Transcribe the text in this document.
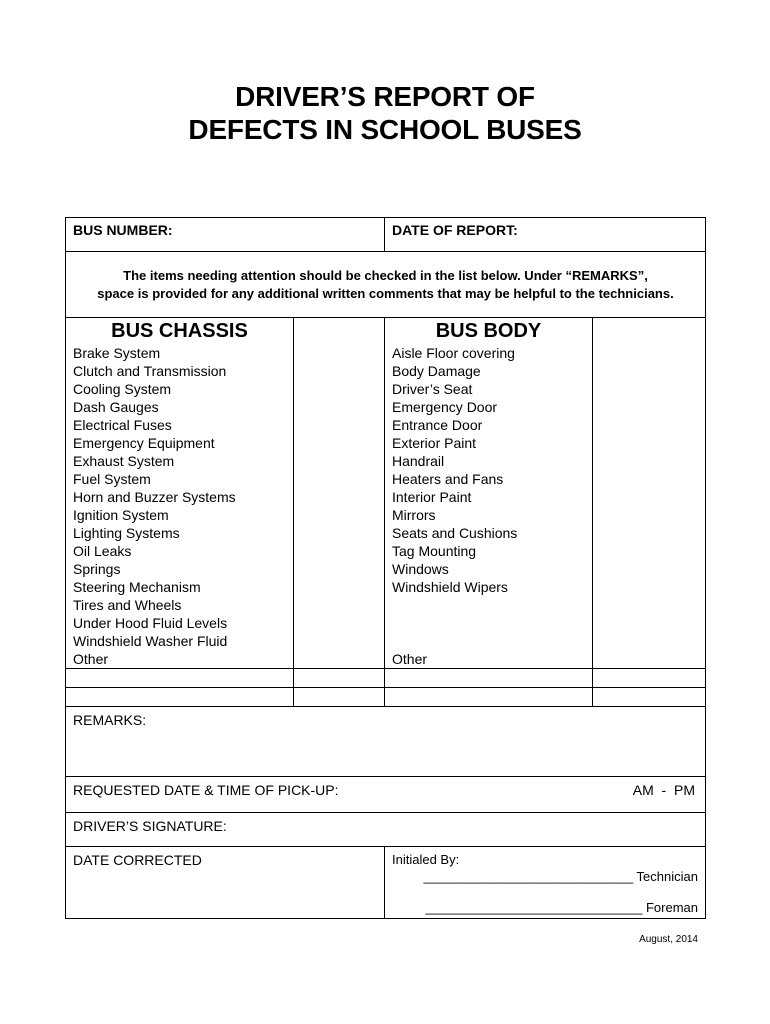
DRIVER’S REPORT OF
DEFECTS IN SCHOOL BUSES
BUS NUMBER:		DATE OF REPORT:	

The items needing attention should be checked in the list below. Under “REMARKS”,
space is provided for any additional written comments that may be helpful to the technicians.			

BUS CHASSIS		BUS BODY	
Brake System		Aisle Floor covering	
Clutch and Transmission		Body Damage	
Cooling System		Driver’s Seat	
Dash Gauges		Emergency Door	
Electrical Fuses		Entrance Door	
Emergency Equipment		Exterior Paint	
Exhaust System		Handrail	
Fuel System		Heaters and Fans	
Horn and Buzzer Systems		Interior Paint	
Ignition System		Mirrors	
Lighting Systems		Seats and Cushions	
Oil Leaks		Tag Mounting	
Springs		Windows	
Steering Mechanism		Windshield Wipers	
Tires and Wheels			
Under Hood Fluid Levels			
Windshield Washer Fluid			
Other		Other	

REMARKS:			
REQUESTED DATE & TIME OF PICK-UP: AM  -  PM			

DRIVER’S SIGNATURE:			
DATE CORRECTED		Initialed By:
_____________________________ Technician
______________________________ Foreman	
August, 2014
